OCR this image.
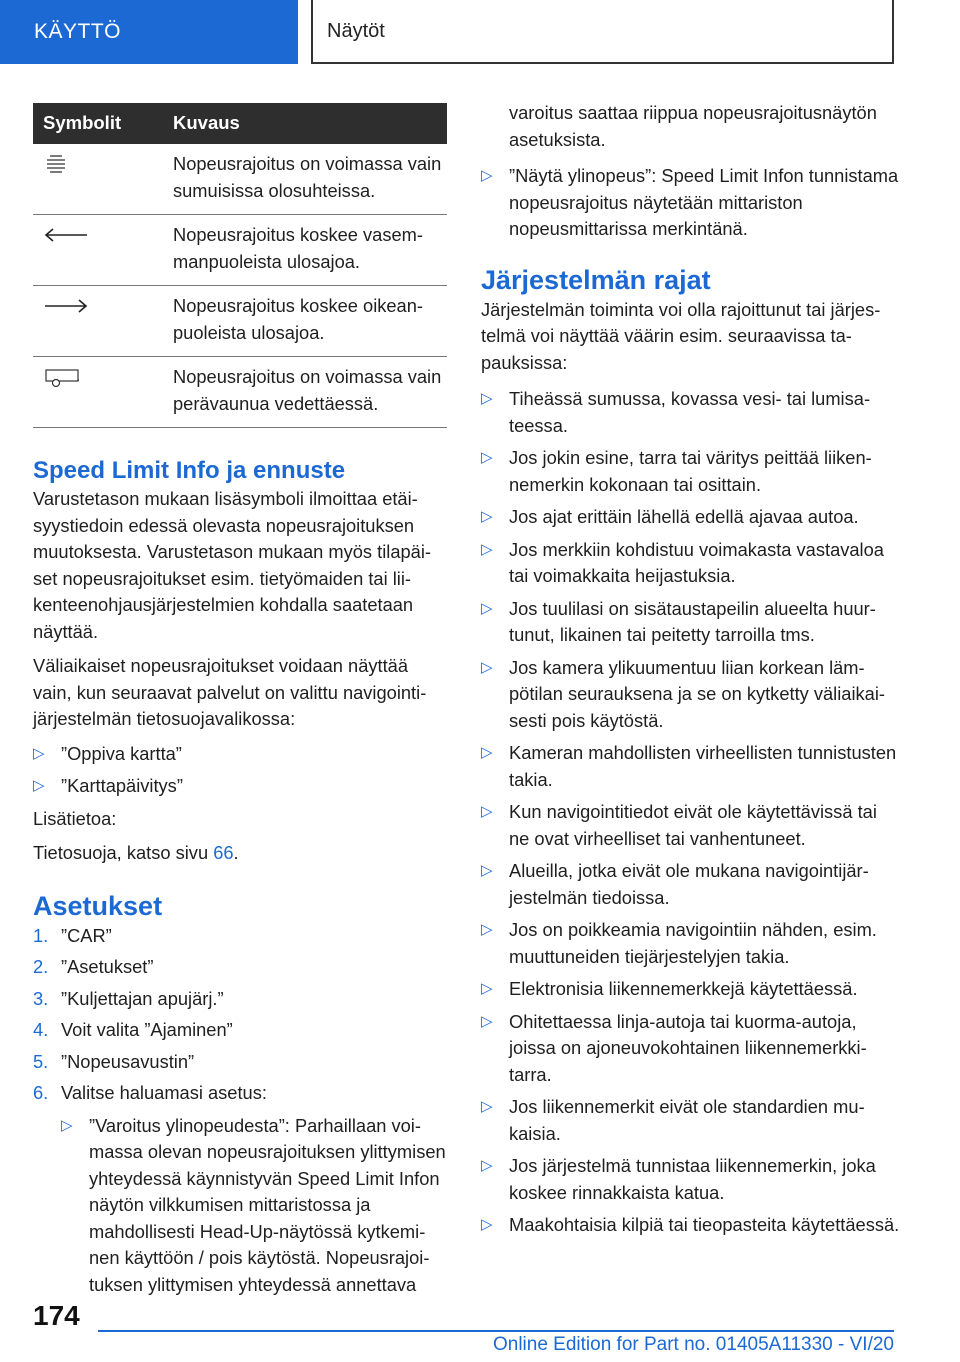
KÄYTTÖ	Näytöt
Symbolit	Kuvaus
	Nopeusrajoitus on voimassa vain sumuisissa olosuhteissa.
	Nopeusrajoitus koskee vasemmanpuoleista ulosajoa.
	Nopeusrajoitus koskee oikeanpuoleista ulosajoa.
	Nopeusrajoitus on voimassa vain perävaunua vedettäessä.
Speed Limit Info ja ennuste

Varustetason mukaan lisäsymboli ilmoittaa etäisyystiedoin edessä olevasta nopeusrajoituksen muutoksesta. Varustetason mukaan myös tilapäiset nopeusrajoitukset esim. tietyömaiden tai liikenteenohjausjärjestelmien kohdalla saatetaan näyttää.

Väliaikaiset nopeusrajoitukset voidaan näyttää vain, kun seuraavat palvelut on valittu navigointijärjestelmän tietosuojavalikossa:

▷ ”Oppiva kartta”
▷ ”Karttapäivitys”

Lisätietoa:

Tietosuoja, katso sivu 66.

Asetukset
1. ”CAR”
2. ”Asetukset”
3. ”Kuljettajan apujärj.”
4. Voit valita ”Ajaminen”
5. ”Nopeusavustin”
6. Valitse haluamasi asetus:
▷ ”Varoitus ylinopeudesta”: Parhaillaan voimassa olevan nopeusrajoituksen ylittymisen yhteydessä käynnistyvän Speed Limit Infon näytön vilkkumisen mittaristossa ja mahdollisesti Head-Up-näytössä kytkeminen käyttöön / pois käytöstä. Nopeusrajoituksen ylittymisen yhteydessä annettava
varoitus saattaa riippua nopeusrajoitusnäytön asetuksista.
▷ ”Näytä ylinopeus”: Speed Limit Infon tunnistama nopeusrajoitus näytetään mittariston nopeusmittarissa merkintänä.
Järjestelmän rajat

Järjestelmän toiminta voi olla rajoittunut tai järjestelmä voi näyttää väärin esim. seuraavissa tapauksissa:

▷ Tiheässä sumussa, kovassa vesi- tai lumisateessa.
▷ Jos jokin esine, tarra tai väritys peittää liikennemerkin kokonaan tai osittain.
▷ Jos ajat erittäin lähellä edellä ajavaa autoa.
▷ Jos merkkiin kohdistuu voimakasta vastavaloa tai voimakkaita heijastuksia.
▷ Jos tuulilasi on sisätaustapeilin alueelta huurtunut, likainen tai peitetty tarroilla tms.
▷ Jos kamera ylikuumentuu liian korkean lämpötilan seurauksena ja se on kytketty väliaikaisesti pois käytöstä.
▷ Kameran mahdollisten virheellisten tunnistusten takia.
▷ Kun navigointitiedot eivät ole käytettävissä tai ne ovat virheelliset tai vanhentuneet.
▷ Alueilla, jotka eivät ole mukana navigointijärjestelmän tiedoissa.
▷ Jos on poikkeamia navigointiin nähden, esim. muuttuneiden tiejärjestelyjen takia.
▷ Elektronisia liikennemerkkejä käytettäessä.
▷ Ohitettaessa linja-autoja tai kuorma-autoja, joissa on ajoneuvokohtainen liikennemerkkitarra.
▷ Jos liikennemerkit eivät ole standardien mukaisia.
▷ Jos järjestelmä tunnistaa liikennemerkin, joka koskee rinnakkaista katua.
▷ Maakohtaisia kilpiä tai tieopasteita käytettäessä.
174
Online Edition for Part no. 01405A11330 - VI/20
